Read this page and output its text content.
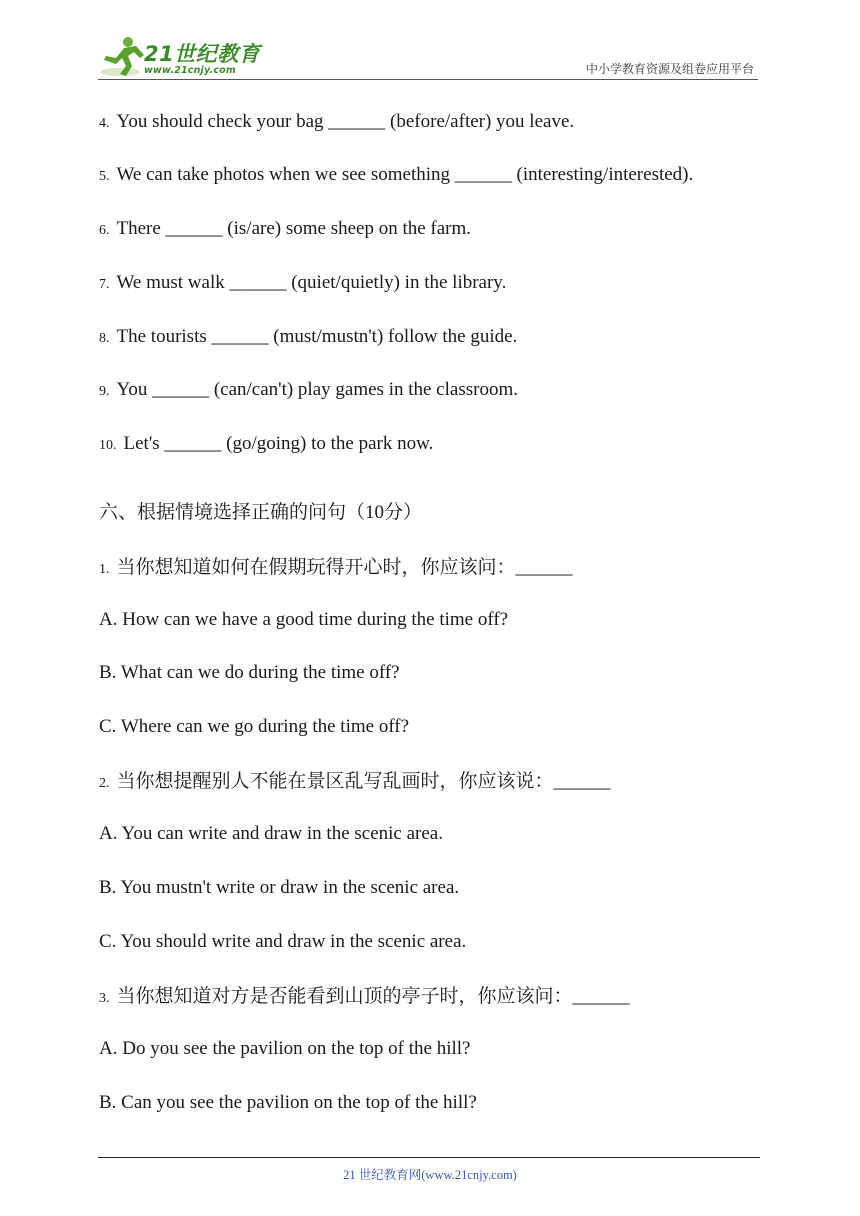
21世纪教育
www.21cnjy.com	中小学教育资源及组卷应用平台
4. You should check your bag ______ (before/after) you leave.
5. We can take photos when we see something ______ (interesting/interested).
6. There ______ (is/are) some sheep on the farm.
7. We must walk ______ (quiet/quietly) in the library.
8. The tourists ______ (must/mustn't) follow the guide.
9. You ______ (can/can't) play games in the classroom.
10. Let's ______ (go/going) to the park now.
六、根据情境选择正确的问句（10分）
1. 当你想知道如何在假期玩得开心时，你应该问：______
A. How can we have a good time during the time off?
B. What can we do during the time off?
C. Where can we go during the time off?
2. 当你想提醒别人不能在景区乱写乱画时，你应该说：______
A. You can write and draw in the scenic area.
B. You mustn't write or draw in the scenic area.
C. You should write and draw in the scenic area.
3. 当你想知道对方是否能看到山顶的亭子时，你应该问：______
A. Do you see the pavilion on the top of the hill?
B. Can you see the pavilion on the top of the hill?
21 世纪教育网(www.21cnjy.com)
